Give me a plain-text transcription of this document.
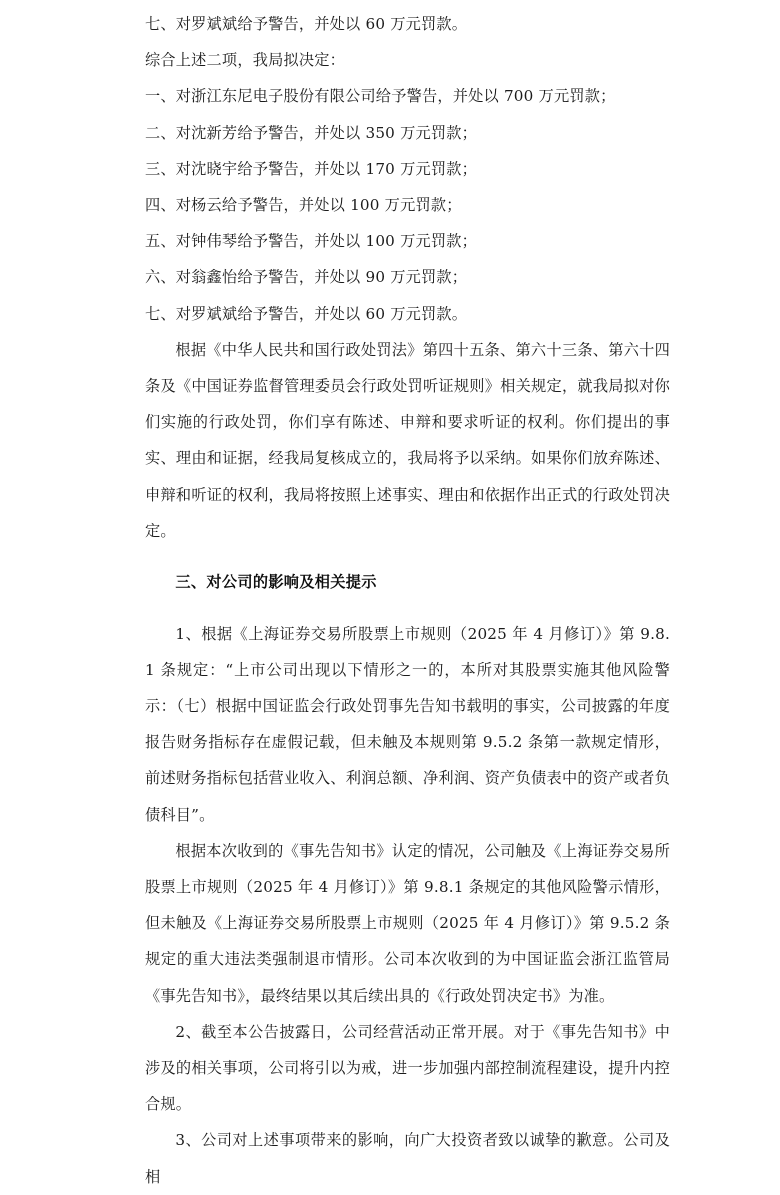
七、对罗斌斌给予警告，并处以 60 万元罚款。

综合上述二项，我局拟决定：

一、对浙江东尼电子股份有限公司给予警告，并处以 700 万元罚款；

二、对沈新芳给予警告，并处以 350 万元罚款；

三、对沈晓宇给予警告，并处以 170 万元罚款；

四、对杨云给予警告，并处以 100 万元罚款；

五、对钟伟琴给予警告，并处以 100 万元罚款；

六、对翁鑫怡给予警告，并处以 90 万元罚款；

七、对罗斌斌给予警告，并处以 60 万元罚款。

根据《中华人民共和国行政处罚法》第四十五条、第六十三条、第六十四条及《中国证券监督管理委员会行政处罚听证规则》相关规定，就我局拟对你们实施的行政处罚，你们享有陈述、申辩和要求听证的权利。你们提出的事实、理由和证据，经我局复核成立的，我局将予以采纳。如果你们放弃陈述、申辩和听证的权利，我局将按照上述事实、理由和依据作出正式的行政处罚决定。

三、对公司的影响及相关提示

1、根据《上海证券交易所股票上市规则（2025 年 4 月修订）》第 9.8.1 条规定：“上市公司出现以下情形之一的，本所对其股票实施其他风险警示：（七）根据中国证监会行政处罚事先告知书载明的事实，公司披露的年度报告财务指标存在虚假记载，但未触及本规则第 9.5.2 条第一款规定情形，前述财务指标包括营业收入、利润总额、净利润、资产负债表中的资产或者负债科目”。

根据本次收到的《事先告知书》认定的情况，公司触及《上海证券交易所股票上市规则（2025 年 4 月修订）》第 9.8.1 条规定的其他风险警示情形，但未触及《上海证券交易所股票上市规则（2025 年 4 月修订）》第 9.5.2 条规定的重大违法类强制退市情形。公司本次收到的为中国证监会浙江监管局《事先告知书》，最终结果以其后续出具的《行政处罚决定书》为准。

2、截至本公告披露日，公司经营活动正常开展。对于《事先告知书》中涉及的相关事项，公司将引以为戒，进一步加强内部控制流程建设，提升内控合规。

3、公司对上述事项带来的影响，向广大投资者致以诚挚的歉意。公司及相
